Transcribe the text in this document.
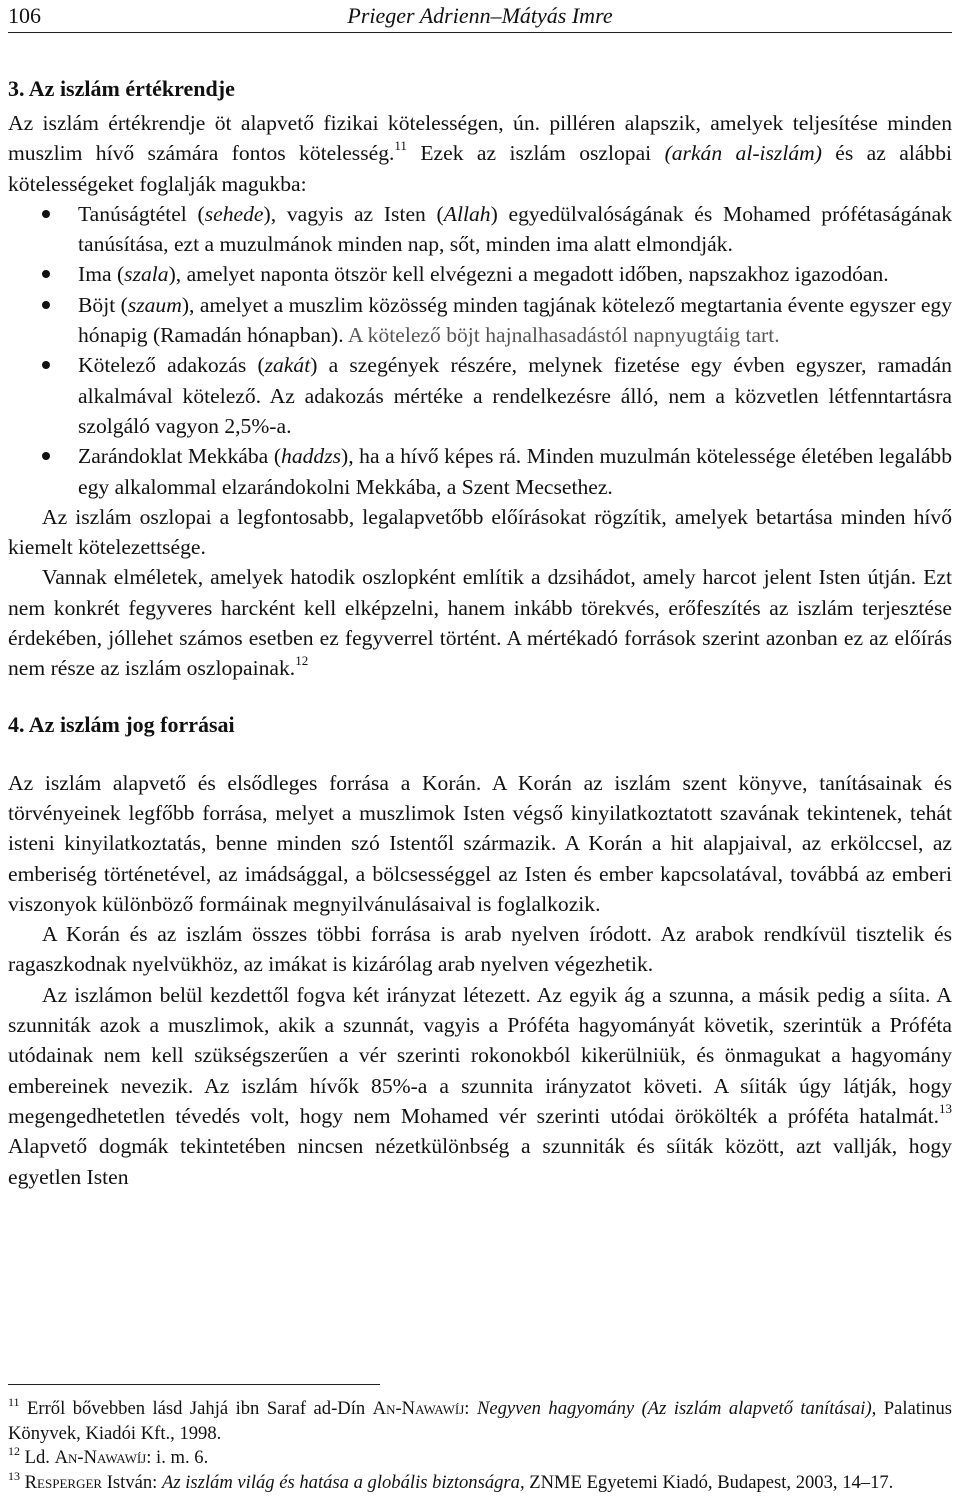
106	Prieger Adrienn–Mátyás Imre
3. Az iszlám értékrendje

Az iszlám értékrendje öt alapvető fizikai kötelességen, ún. pilléren alapszik, amelyek teljesítése minden muszlim hívő számára fontos kötelesség.$^{11}$ Ezek az iszlám oszlopai (arkán al-iszlám) és az alábbi kötelességeket foglalják magukba:

Tanúságtétel (sehede), vagyis az Isten (Allah) egyedülvalóságának és Mohamed prófétaságának tanúsítása, ezt a muzulmánok minden nap, sőt, minden ima alatt elmondják.
Ima (szala), amelyet naponta ötször kell elvégezni a megadott időben, napszakhoz igazodóan.
Böjt (szaum), amelyet a muszlim közösség minden tagjának kötelező megtartania évente egyszer egy hónapig (Ramadán hónapban). A kötelező böjt hajnalhasadástól napnyugtáig tart.
Kötelező adakozás (zakát) a szegények részére, melynek fizetése egy évben egyszer, ramadán alkalmával kötelező. Az adakozás mértéke a rendelkezésre álló, nem a közvetlen létfenntartásra szolgáló vagyon 2,5%-a.
Zarándoklat Mekkába (haddzs), ha a hívő képes rá. Minden muzulmán kötelessége életében legalább egy alkalommal elzarándokolni Mekkába, a Szent Mecsethez.

Az iszlám oszlopai a legfontosabb, legalapvetőbb előírásokat rögzítik, amelyek betartása minden hívő kiemelt kötelezettsége.

Vannak elméletek, amelyek hatodik oszlopként említik a dzsihádot, amely harcot jelent Isten útján. Ezt nem konkrét fegyveres harcként kell elképzelni, hanem inkább törekvés, erőfeszítés az iszlám terjesztése érdekében, jóllehet számos esetben ez fegyverrel történt. A mértékadó források szerint azonban ez az előírás nem része az iszlám oszlopainak.$^{12}$

4. Az iszlám jog forrásai

Az iszlám alapvető és elsődleges forrása a Korán. A Korán az iszlám szent könyve, tanításainak és törvényeinek legfőbb forrása, melyet a muszlimok Isten végső kinyilatkoztatott szavának tekintenek, tehát isteni kinyilatkoztatás, benne minden szó Istentől származik. A Korán a hit alapjaival, az erkölccsel, az emberiség történetével, az imádsággal, a bölcsességgel az Isten és ember kapcsolatával, továbbá az emberi viszonyok különböző formáinak megnyilvánulásaival is foglalkozik.

A Korán és az iszlám összes többi forrása is arab nyelven íródott. Az arabok rendkívül tisztelik és ragaszkodnak nyelvükhöz, az imákat is kizárólag arab nyelven végezhetik.

Az iszlámon belül kezdettől fogva két irányzat létezett. Az egyik ág a szunna, a másik pedig a síita. A szunniták azok a muszlimok, akik a szunnát, vagyis a Próféta hagyományát követik, szerintük a Próféta utódainak nem kell szükségszerűen a vér szerinti rokonokból kikerülniük, és önmagukat a hagyomány embereinek nevezik. Az iszlám hívők 85%-a a szunnita irányzatot követi. A síiták úgy látják, hogy megengedhetetlen tévedés volt, hogy nem Mohamed vér szerinti utódai örökölték a próféta hatalmát.$^{13}$ Alapvető dogmák tekintetében nincsen nézetkülönbség a szunniták és síiták között, azt vallják, hogy egyetlen Isten

$^{11}$ Erről bővebben lásd Jahjá ibn Saraf ad-Dín An-Nawawíj: Negyven hagyomány (Az iszlám alapvető tanításai), Palatinus Könyvek, Kiadói Kft., 1998.

$^{12}$ Ld. An-Nawawíj: i. m. 6.

$^{13}$ Resperger István: Az iszlám világ és hatása a globális biztonságra, ZNME Egyetemi Kiadó, Budapest, 2003, 14–17.
